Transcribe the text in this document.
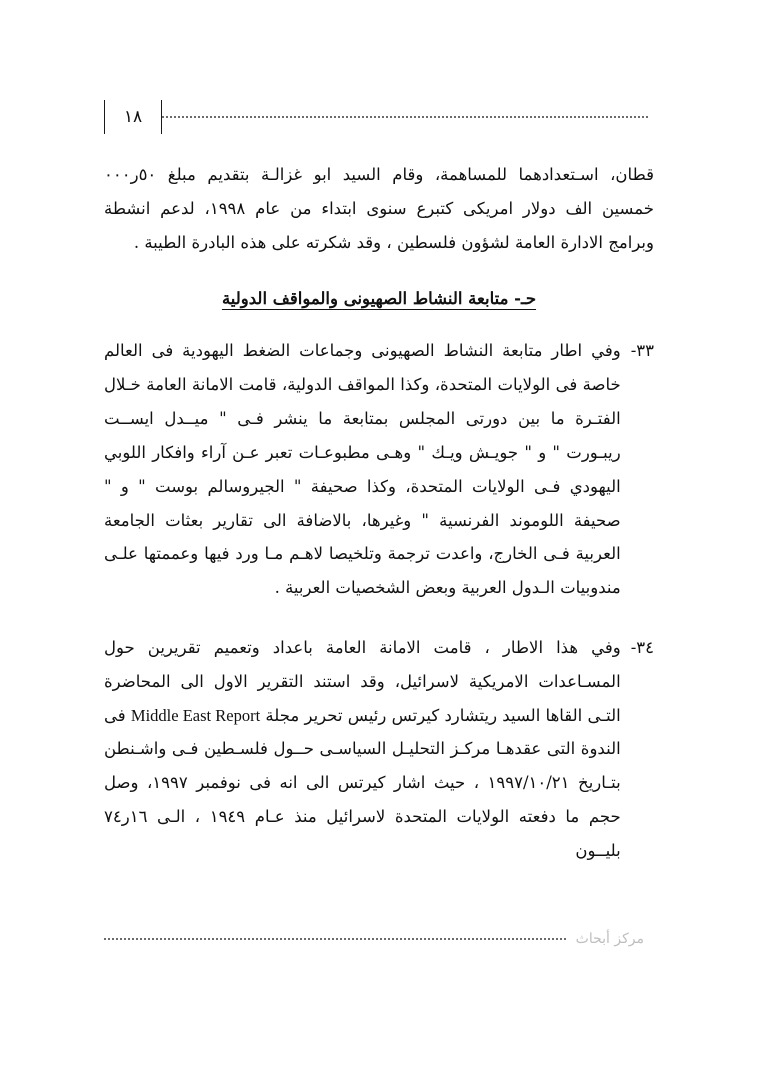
١٨

قطان، اسـتعدادهما للمساهمة، وقام السيد ابو غزالـة بتقديم مبلغ ٥٠ر٠٠٠ خمسين الف دولار امريكى كتبرع سنوى ابتداء من عام ١٩٩٨، لدعم انشطة وبرامج الادارة العامة لشؤون فلسطين ، وقد شكرته على هذه البادرة الطيبة .

حـ- متابعة النشاط الصهيونى والمواقف الدولية
٣٣-
وفي اطار متابعة النشاط الصهيونى وجماعات الضغط اليهودية فى العالم خاصة فى الولايات المتحدة، وكذا المواقف الدولية، قامت الامانة العامة خـلال الفتـرة ما بين دورتى المجلس بمتابعة ما ينشر فـى " ميــدل ايســت ريبـورت " و " جويـش ويـك " وهـى مطبوعـات تعبر عـن آراء وافكار اللوبي اليهودي فـى الولايات المتحدة، وكذا صحيفة " الجيروسالم بوست " و " صحيفة اللوموند الفرنسية " وغيرها، بالاضافة الى تقارير بعثات الجامعة العربية فـى الخارج، واعدت ترجمة وتلخيصا لاهـم مـا ورد فيها وعممتها علـى مندوبيات الـدول العربية وبعض الشخصيات العربية .
٣٤-
وفي هذا الاطار ، قامت الامانة العامة باعداد وتعميم تقريرين حول المسـاعدات الامريكية لاسرائيل، وقد استند التقرير الاول الى المحاضرة التـى القاها السيد ريتشارد كيرتس رئيس تحرير مجلة Middle East Report فى الندوة التى عقدهـا مركـز التحليـل السياسـى حــول فلسـطين فـى واشـنطن بتـاريخ ١٩٩٧/١٠/٢١ ، حيث اشار كيرتس الى انه فى نوفمبر ١٩٩٧، وصل حجم ما دفعته الولايات المتحدة لاسرائيل منذ عـام ١٩٤٩ ، الـى ١٦ر٧٤ بليــون
مركز أبحاث
